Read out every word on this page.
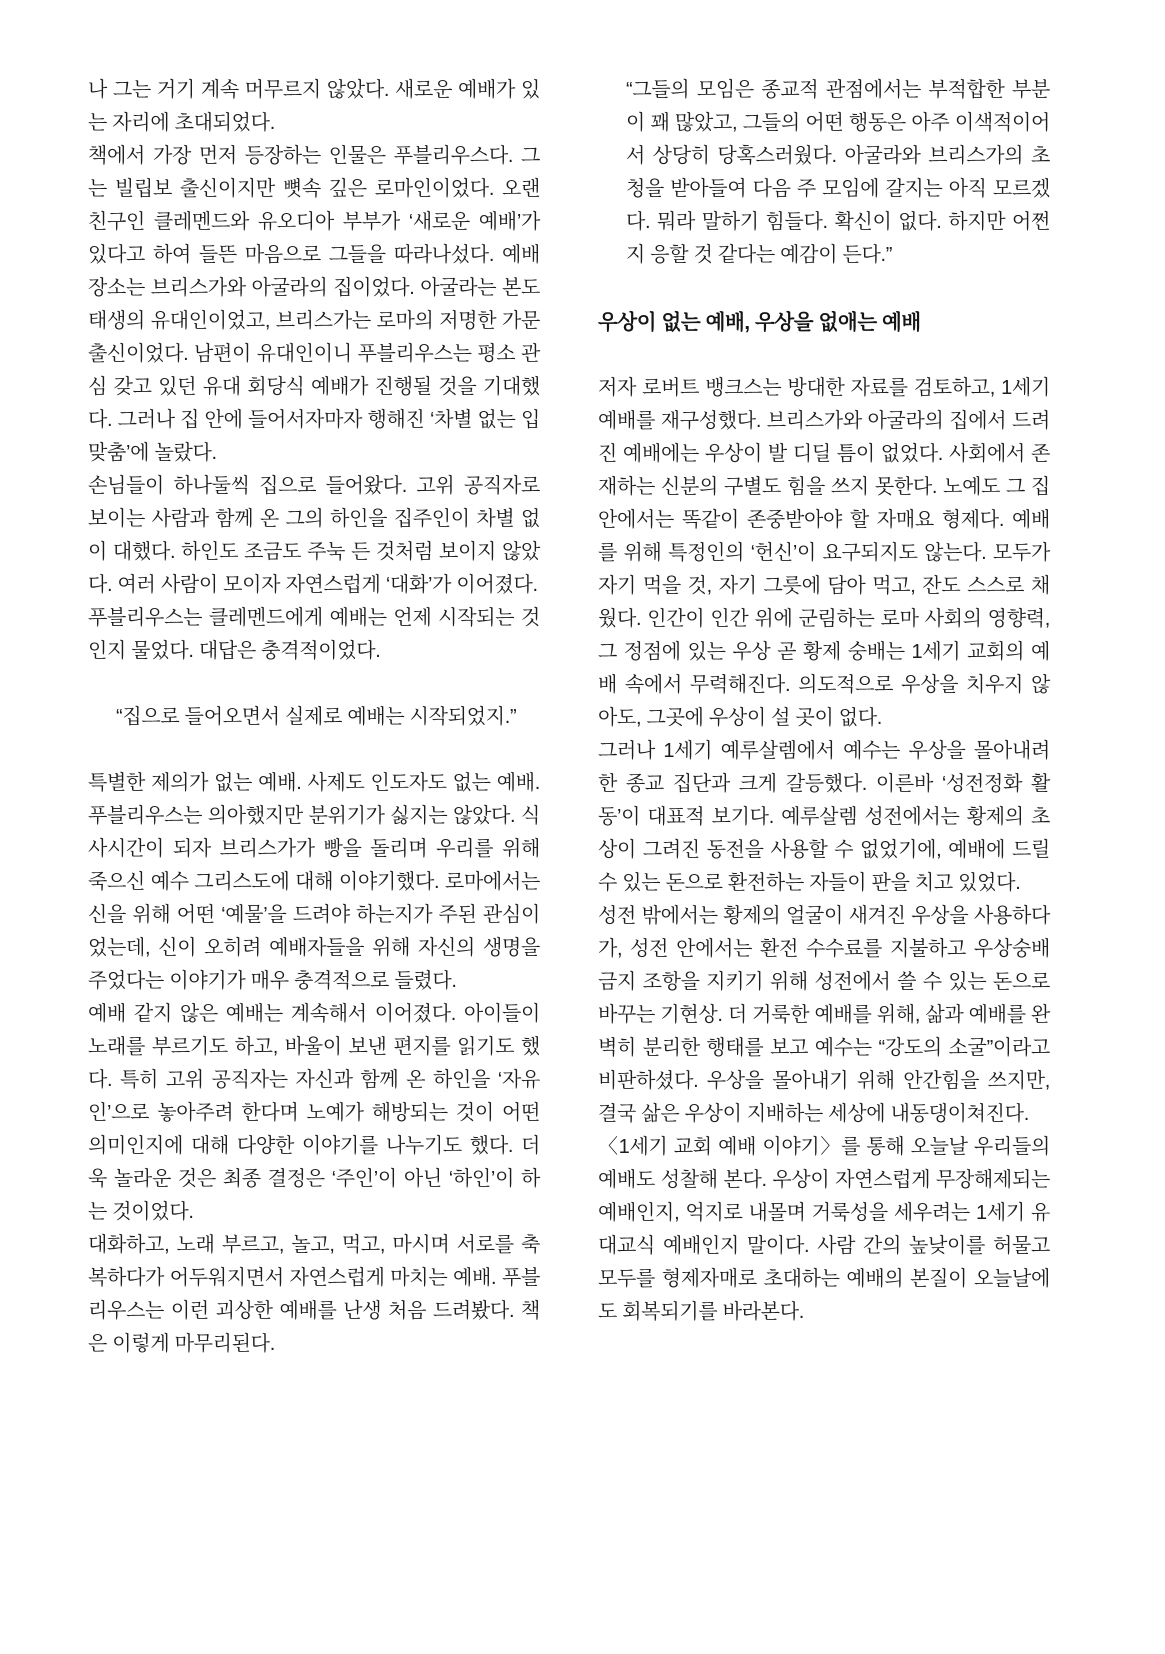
나 그는 거기 계속 머무르지 않았다. 새로운 예배가 있는 자리에 초대되었다.

책에서 가장 먼저 등장하는 인물은 푸블리우스다. 그는 빌립보 출신이지만 뼛속 깊은 로마인이었다. 오랜 친구인 클레멘드와 유오디아 부부가 ‘새로운 예배’가 있다고 하여 들뜬 마음으로 그들을 따라나섰다. 예배 장소는 브리스가와 아굴라의 집이었다. 아굴라는 본도 태생의 유대인이었고, 브리스가는 로마의 저명한 가문 출신이었다. 남편이 유대인이니 푸블리우스는 평소 관심 갖고 있던 유대 회당식 예배가 진행될 것을 기대했다. 그러나 집 안에 들어서자마자 행해진 ‘차별 없는 입맞춤’에 놀랐다.

손님들이 하나둘씩 집으로 들어왔다. 고위 공직자로 보이는 사람과 함께 온 그의 하인을 집주인이 차별 없이 대했다. 하인도 조금도 주눅 든 것처럼 보이지 않았다. 여러 사람이 모이자 자연스럽게 ‘대화’가 이어졌다.

푸블리우스는 클레멘드에게 예배는 언제 시작되는 것인지 물었다. 대답은 충격적이었다.

“집으로 들어오면서 실제로 예배는 시작되었지.”

특별한 제의가 없는 예배. 사제도 인도자도 없는 예배. 푸블리우스는 의아했지만 분위기가 싫지는 않았다. 식사시간이 되자 브리스가가 빵을 돌리며 우리를 위해 죽으신 예수 그리스도에 대해 이야기했다. 로마에서는 신을 위해 어떤 ‘예물’을 드려야 하는지가 주된 관심이었는데, 신이 오히려 예배자들을 위해 자신의 생명을 주었다는 이야기가 매우 충격적으로 들렸다.

예배 같지 않은 예배는 계속해서 이어졌다. 아이들이 노래를 부르기도 하고, 바울이 보낸 편지를 읽기도 했다. 특히 고위 공직자는 자신과 함께 온 하인을 ‘자유인’으로 놓아주려 한다며 노예가 해방되는 것이 어떤 의미인지에 대해 다양한 이야기를 나누기도 했다. 더욱 놀라운 것은 최종 결정은 ‘주인’이 아닌 ‘하인’이 하는 것이었다.

대화하고, 노래 부르고, 놀고, 먹고, 마시며 서로를 축복하다가 어두워지면서 자연스럽게 마치는 예배. 푸블리우스는 이런 괴상한 예배를 난생 처음 드려봤다. 책은 이렇게 마무리된다.

“그들의 모임은 종교적 관점에서는 부적합한 부분이 꽤 많았고, 그들의 어떤 행동은 아주 이색적이어서 상당히 당혹스러웠다. 아굴라와 브리스가의 초청을 받아들여 다음 주 모임에 갈지는 아직 모르겠다. 뭐라 말하기 힘들다. 확신이 없다. 하지만 어쩐지 응할 것 같다는 예감이 든다.”
우상이 없는 예배, 우상을 없애는 예배

저자 로버트 뱅크스는 방대한 자료를 검토하고, 1세기 예배를 재구성했다. 브리스가와 아굴라의 집에서 드려진 예배에는 우상이 발 디딜 틈이 없었다. 사회에서 존재하는 신분의 구별도 힘을 쓰지 못한다. 노예도 그 집 안에서는 똑같이 존중받아야 할 자매요 형제다. 예배를 위해 특정인의 ‘헌신’이 요구되지도 않는다. 모두가 자기 먹을 것, 자기 그릇에 담아 먹고, 잔도 스스로 채웠다. 인간이 인간 위에 군림하는 로마 사회의 영향력, 그 정점에 있는 우상 곧 황제 숭배는 1세기 교회의 예배 속에서 무력해진다. 의도적으로 우상을 치우지 않아도, 그곳에 우상이 설 곳이 없다.

그러나 1세기 예루살렘에서 예수는 우상을 몰아내려 한 종교 집단과 크게 갈등했다. 이른바 ‘성전정화 활동’이 대표적 보기다. 예루살렘 성전에서는 황제의 초상이 그려진 동전을 사용할 수 없었기에, 예배에 드릴 수 있는 돈으로 환전하는 자들이 판을 치고 있었다.

성전 밖에서는 황제의 얼굴이 새겨진 우상을 사용하다가, 성전 안에서는 환전 수수료를 지불하고 우상숭배 금지 조항을 지키기 위해 성전에서 쓸 수 있는 돈으로 바꾸는 기현상. 더 거룩한 예배를 위해, 삶과 예배를 완벽히 분리한 행태를 보고 예수는 “강도의 소굴”이라고 비판하셨다. 우상을 몰아내기 위해 안간힘을 쓰지만, 결국 삶은 우상이 지배하는 세상에 내동댕이쳐진다.

〈1세기 교회 예배 이야기〉를 통해 오늘날 우리들의 예배도 성찰해 본다. 우상이 자연스럽게 무장해제되는 예배인지, 억지로 내몰며 거룩성을 세우려는 1세기 유대교식 예배인지 말이다. 사람 간의 높낮이를 허물고 모두를 형제자매로 초대하는 예배의 본질이 오늘날에도 회복되기를 바라본다.
